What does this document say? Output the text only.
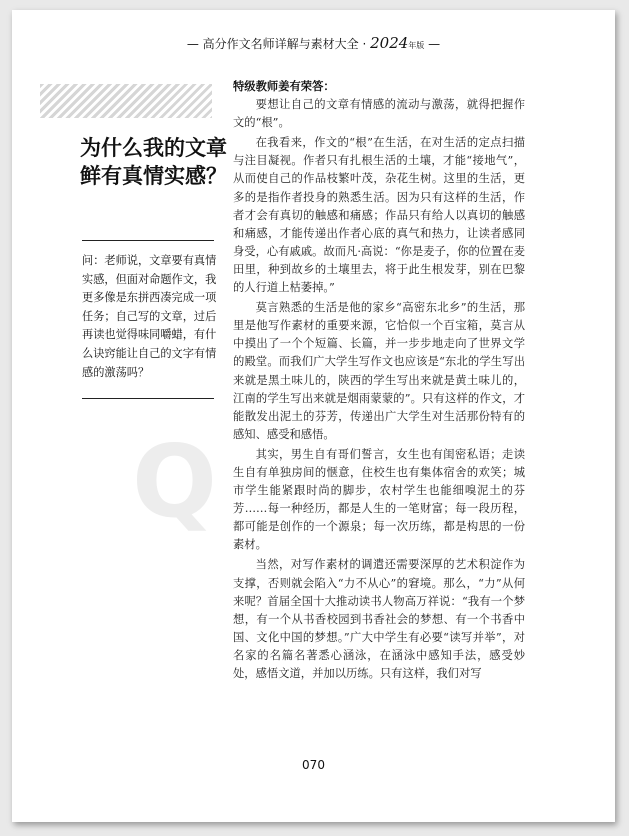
— 高分作文名师详解与素材大全 · 2024年版 —
Q
为什么我的文章鲜有真情实感？
问：老师说，文章要有真情实感，但面对命题作文，我更多像是东拼西凑完成一项任务；自己写的文章，过后再读也觉得味同嚼蜡，有什么诀窍能让自己的文字有情感的激荡吗？
特级教师姜有荣答：

要想让自己的文章有情感的流动与激荡，就得把握作文的“根”。

在我看来，作文的“根”在生活，在对生活的定点扫描与注目凝视。作者只有扎根生活的土壤，才能“接地气”，从而使自己的作品枝繁叶茂，杂花生树。这里的生活，更多的是指作者投身的熟悉生活。因为只有这样的生活，作者才会有真切的触感和痛感；作品只有给人以真切的触感和痛感，才能传递出作者心底的真气和热力，让读者感同身受，心有戚戚。故而凡·高说：“你是麦子，你的位置在麦田里，种到故乡的土壤里去，将于此生根发芽，别在巴黎的人行道上枯萎掉。”

莫言熟悉的生活是他的家乡“高密东北乡”的生活，那里是他写作素材的重要来源，它恰似一个百宝箱，莫言从中摸出了一个个短篇、长篇，并一步步地走向了世界文学的殿堂。而我们广大学生写作文也应该是“东北的学生写出来就是黑土味儿的，陕西的学生写出来就是黄土味儿的，江南的学生写出来就是烟雨蒙蒙的”。只有这样的作文，才能散发出泥土的芬芳，传递出广大学生对生活那份特有的感知、感受和感悟。

其实，男生自有哥们誓言，女生也有闺密私语；走读生自有单独房间的惬意，住校生也有集体宿舍的欢笑；城市学生能紧跟时尚的脚步，农村学生也能细嗅泥土的芬芳……每一种经历，都是人生的一笔财富；每一段历程，都可能是创作的一个源泉；每一次历练，都是构思的一份素材。

当然，对写作素材的调遣还需要深厚的艺术积淀作为支撑，否则就会陷入“力不从心”的窘境。那么，“力”从何来呢？首届全国十大推动读书人物高万祥说：“我有一个梦想，有一个从书香校园到书香社会的梦想、有一个书香中国、文化中国的梦想。”广大中学生有必要“读写并举”，对名家的名篇名著悉心涵泳，在涵泳中感知手法，感受妙处，感悟文道，并加以历练。只有这样，我们对写

070
